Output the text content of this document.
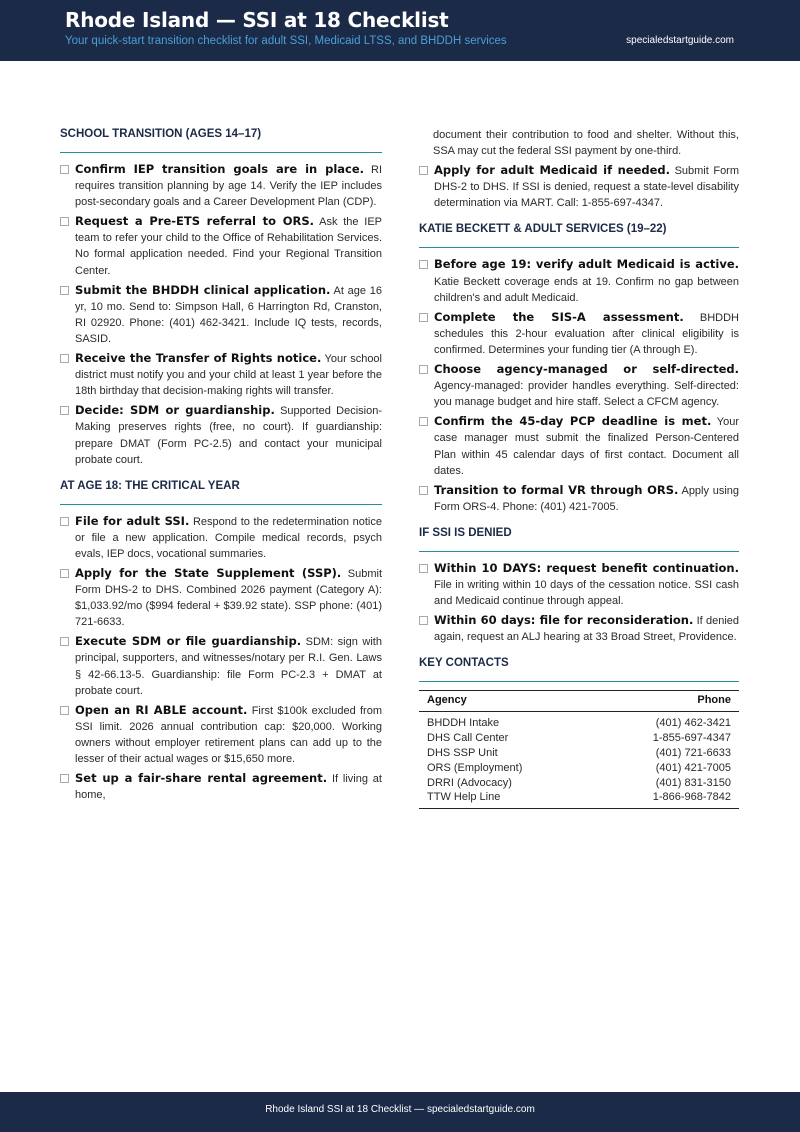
Rhode Island — SSI at 18 Checklist
Your quick-start transition checklist for adult SSI, Medicaid LTSS, and BHDDH services	specialedstartguide.com
SCHOOL TRANSITION (AGES 14–17)
Confirm IEP transition goals are in place. RI requires transition planning by age 14. Verify the IEP includes post-secondary goals and a Career Development Plan (CDP).
Request a Pre-ETS referral to ORS. Ask the IEP team to refer your child to the Office of Rehabilitation Services. No formal application needed. Find your Regional Transition Center.
Submit the BHDDH clinical application. At age 16 yr, 10 mo. Send to: Simpson Hall, 6 Harrington Rd, Cranston, RI 02920. Phone: (401) 462-3421. Include IQ tests, records, SASID.
Receive the Transfer of Rights notice. Your school district must notify you and your child at least 1 year before the 18th birthday that decision-making rights will transfer.
Decide: SDM or guardianship. Supported Decision-Making preserves rights (free, no court). If guardianship: prepare DMAT (Form PC-2.5) and contact your municipal probate court.
AT AGE 18: THE CRITICAL YEAR
File for adult SSI. Respond to the redetermination notice or file a new application. Compile medical records, psych evals, IEP docs, vocational summaries.
Apply for the State Supplement (SSP). Submit Form DHS-2 to DHS. Combined 2026 payment (Category A): $1,033.92/mo ($994 federal + $39.92 state). SSP phone: (401) 721-6633.
Execute SDM or file guardianship. SDM: sign with principal, supporters, and witnesses/notary per R.I. Gen. Laws § 42-66.13-5. Guardianship: file Form PC-2.3 + DMAT at probate court.
Open an RI ABLE account. First $100k excluded from SSI limit. 2026 annual contribution cap: $20,000. Working owners without employer retirement plans can add up to the lesser of their actual wages or $15,650 more.
Set up a fair-share rental agreement. If living at home,
document their contribution to food and shelter. Without this, SSA may cut the federal SSI payment by one-third.
Apply for adult Medicaid if needed. Submit Form DHS-2 to DHS. If SSI is denied, request a state-level disability determination via MART. Call: 1-855-697-4347.
KATIE BECKETT & ADULT SERVICES (19–22)
Before age 19: verify adult Medicaid is active. Katie Beckett coverage ends at 19. Confirm no gap between children's and adult Medicaid.
Complete the SIS-A assessment. BHDDH schedules this 2-hour evaluation after clinical eligibility is confirmed. Determines your funding tier (A through E).
Choose agency-managed or self-directed. Agency-managed: provider handles everything. Self-directed: you manage budget and hire staff. Select a CFCM agency.
Confirm the 45-day PCP deadline is met. Your case manager must submit the finalized Person-Centered Plan within 45 calendar days of first contact. Document all dates.
Transition to formal VR through ORS. Apply using Form ORS-4. Phone: (401) 421-7005.
IF SSI IS DENIED
Within 10 DAYS: request benefit continuation. File in writing within 10 days of the cessation notice. SSI cash and Medicaid continue through appeal.
Within 60 days: file for reconsideration. If denied again, request an ALJ hearing at 33 Broad Street, Providence.
KEY CONTACTS
Agency	Phone
BHDDH Intake	(401) 462-3421
DHS Call Center	1-855-697-4347
DHS SSP Unit	(401) 721-6633
ORS (Employment)	(401) 421-7005
DRRI (Advocacy)	(401) 831-3150
TTW Help Line	1-866-968-7842
Rhode Island SSI at 18 Checklist — specialedstartguide.com
